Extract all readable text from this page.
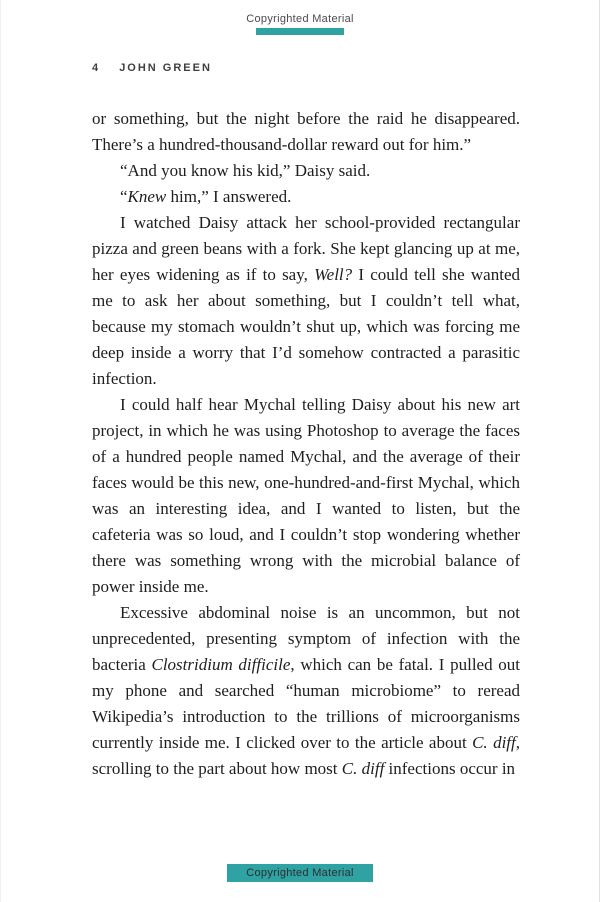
Copyrighted Material
4 JOHN GREEN

or something, but the night before the raid he disappeared. There’s a hundred-thousand-dollar reward out for him.”

“And you know his kid,” Daisy said.

“Knew him,” I answered.

I watched Daisy attack her school-provided rectangular pizza and green beans with a fork. She kept glancing up at me, her eyes widening as if to say, Well? I could tell she wanted me to ask her about something, but I couldn’t tell what, because my stomach wouldn’t shut up, which was forcing me deep inside a worry that I’d somehow contracted a parasitic infection.

I could half hear Mychal telling Daisy about his new art project, in which he was using Photoshop to average the faces of a hundred people named Mychal, and the average of their faces would be this new, one-hundred-and-first Mychal, which was an interesting idea, and I wanted to listen, but the cafeteria was so loud, and I couldn’t stop wondering whether there was something wrong with the microbial balance of power inside me.

Excessive abdominal noise is an uncommon, but not unprecedented, presenting symptom of infection with the bacteria Clostridium difficile, which can be fatal. I pulled out my phone and searched “human microbiome” to reread Wikipedia’s introduction to the trillions of microorganisms currently inside me. I clicked over to the article about C. diff, scrolling to the part about how most C. diff infections occur in

Copyrighted Material
